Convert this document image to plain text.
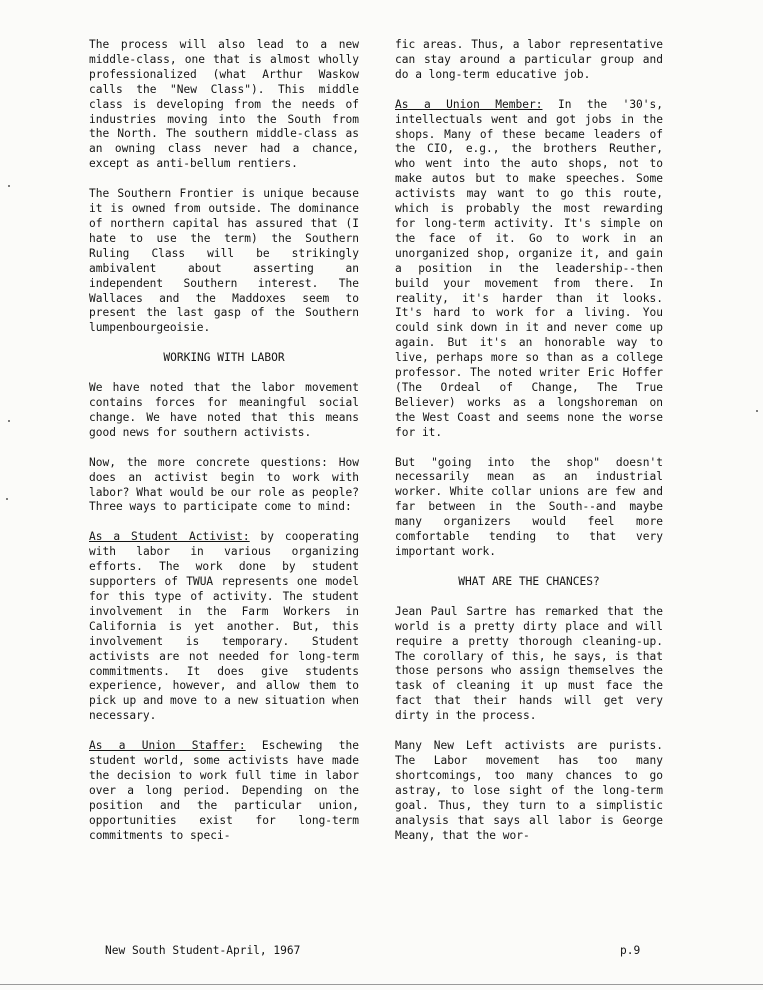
The process will also lead to a new middle-class, one that is almost wholly professionalized (what Arthur Waskow calls the "New Class"). This middle class is developing from the needs of industries moving into the South from the North. The southern middle-class as an owning class never had a chance, except as anti-bellum rentiers.

The Southern Frontier is unique because it is owned from outside. The dominance of northern capital has assured that (I hate to use the term) the Southern Ruling Class will be strikingly ambivalent about asserting an independent Southern interest. The Wallaces and the Maddoxes seem to present the last gasp of the Southern lumpenbourgeoisie.

WORKING WITH LABOR

We have noted that the labor movement contains forces for meaningful social change. We have noted that this means good news for southern activists.

Now, the more concrete questions: How does an activist begin to work with labor? What would be our role as people? Three ways to participate come to mind:

As a Student Activist: by cooperating with labor in various organizing efforts. The work done by student supporters of TWUA represents one model for this type of activity. The student involvement in the Farm Workers in California is yet another. But, this involvement is temporary. Student activists are not needed for long-term commitments. It does give students experience, however, and allow them to pick up and move to a new situation when necessary.

As a Union Staffer: Eschewing the student world, some activists have made the decision to work full time in labor over a long period. Depending on the position and the particular union, opportunities exist for long-term commitments to speci-

fic areas. Thus, a labor representative can stay around a particular group and do a long-term educative job.

As a Union Member: In the '30's, intellectuals went and got jobs in the shops. Many of these became leaders of the CIO, e.g., the brothers Reuther, who went into the auto shops, not to make autos but to make speeches. Some activists may want to go this route, which is probably the most rewarding for long-term activity. It's simple on the face of it. Go to work in an unorganized shop, organize it, and gain a position in the leadership--then build your movement from there. In reality, it's harder than it looks. It's hard to work for a living. You could sink down in it and never come up again. But it's an honorable way to live, perhaps more so than as a college professor. The noted writer Eric Hoffer (The Ordeal of Change, The True Believer) works as a longshoreman on the West Coast and seems none the worse for it.

But "going into the shop" doesn't necessarily mean as an industrial worker. White collar unions are few and far between in the South--and maybe many organizers would feel more comfortable tending to that very important work.

WHAT ARE THE CHANCES?

Jean Paul Sartre has remarked that the world is a pretty dirty place and will require a pretty thorough cleaning-up. The corollary of this, he says, is that those persons who assign themselves the task of cleaning it up must face the fact that their hands will get very dirty in the process.

Many New Left activists are purists. The Labor movement has too many shortcomings, too many chances to go astray, to lose sight of the long-term goal. Thus, they turn to a simplistic analysis that says all labor is George Meany, that the wor-

New South Student-April, 1967	p.9
